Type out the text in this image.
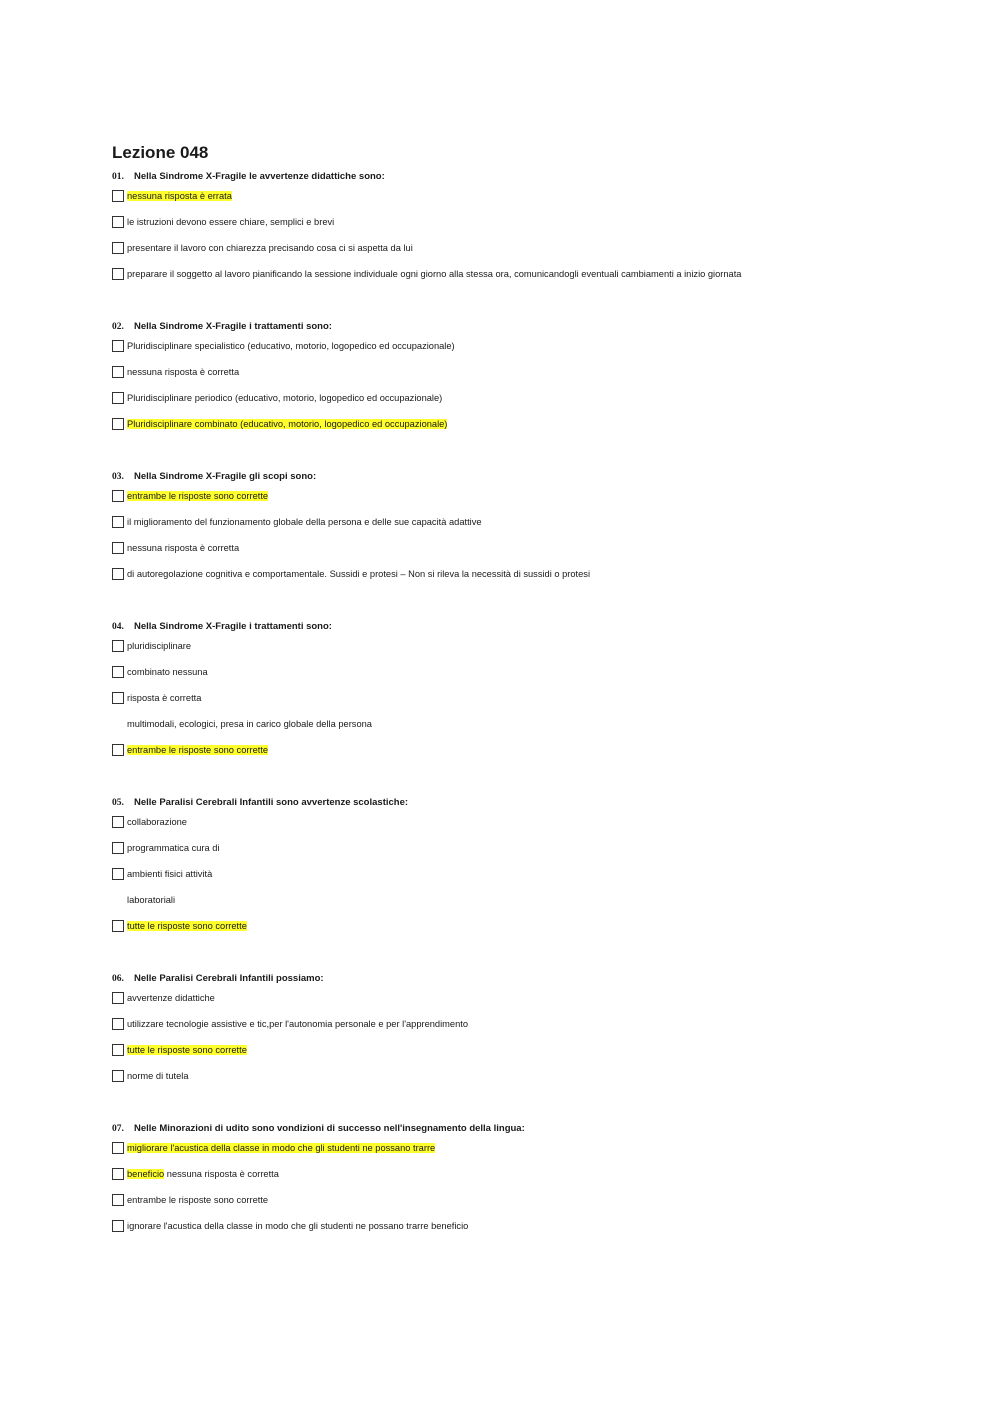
Lezione 048
01. Nella Sindrome X-Fragile le avvertenze didattiche sono:
nessuna risposta è errata
le istruzioni devono essere chiare, semplici e brevi
presentare il lavoro con chiarezza precisando cosa ci si aspetta da lui
preparare il soggetto al lavoro pianificando la sessione individuale ogni giorno alla stessa ora, comunicandogli eventuali cambiamenti a inizio giornata
02. Nella Sindrome X-Fragile i trattamenti sono:
Pluridisciplinare specialistico (educativo, motorio, logopedico ed occupazionale)
nessuna risposta è corretta
Pluridisciplinare periodico (educativo, motorio, logopedico ed occupazionale)
Pluridisciplinare combinato (educativo, motorio, logopedico ed occupazionale)
03. Nella Sindrome X-Fragile gli scopi sono:
entrambe le risposte sono corrette
il miglioramento del funzionamento globale della persona e delle sue capacità adattive
nessuna risposta è corretta
di autoregolazione cognitiva e comportamentale. Sussidi e protesi – Non si rileva la necessità di sussidi o protesi
04. Nella Sindrome X-Fragile i trattamenti sono:
pluridisciplinare
combinato nessuna
risposta è corretta
multimodali, ecologici, presa in carico globale della persona
entrambe le risposte sono corrette
05. Nelle Paralisi Cerebrali Infantili sono avvertenze scolastiche:
collaborazione
programmatica cura di
ambienti fisici attività
laboratoriali
tutte le risposte sono corrette
06. Nelle Paralisi Cerebrali Infantili possiamo:
avvertenze didattiche
utilizzare tecnologie assistive e tic,per l'autonomia personale e per l'apprendimento
tutte le risposte sono corrette
norme di tutela
07. Nelle Minorazioni di udito sono vondizioni di successo nell'insegnamento della lingua:
migliorare l'acustica della classe in modo che gli studenti ne possano trarre
beneficio nessuna risposta è corretta
entrambe le risposte sono corrette
ignorare l'acustica della classe in modo che gli studenti ne possano trarre beneficio
